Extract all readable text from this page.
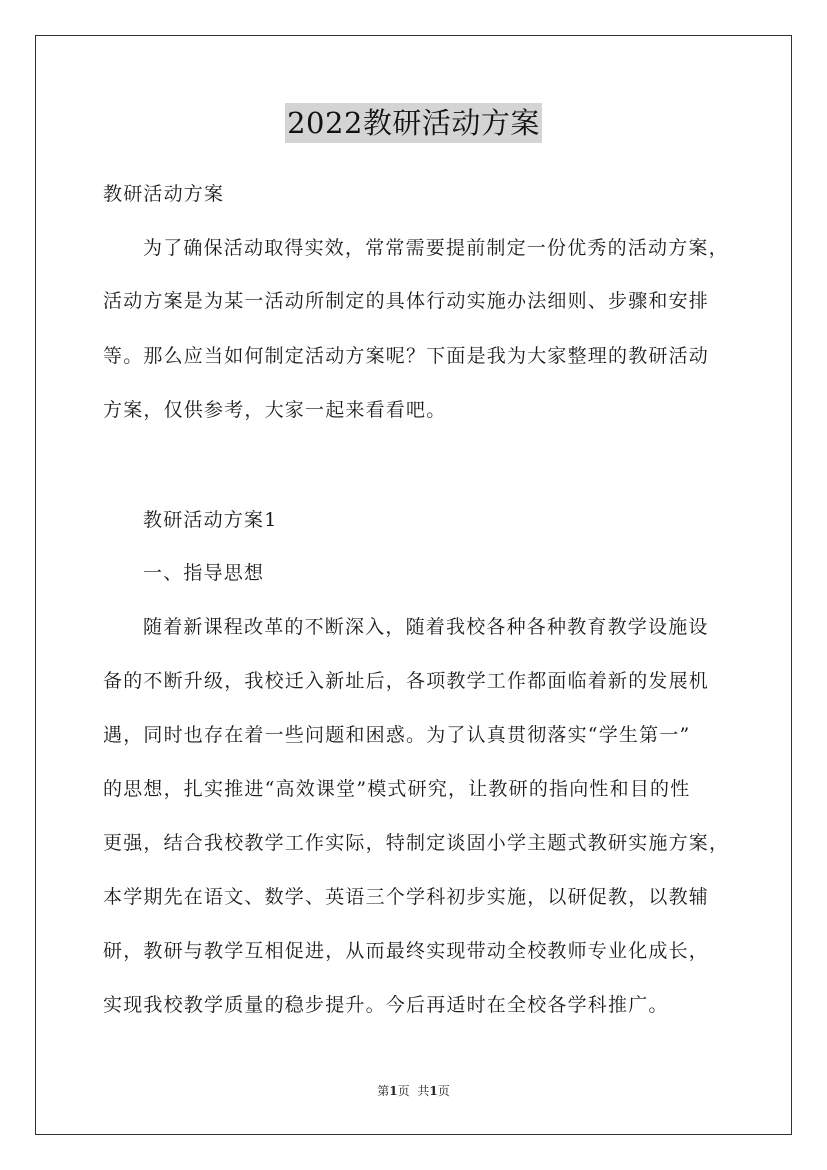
2022教研活动方案
教研活动方案
为了确保活动取得实效，常常需要提前制定一份优秀的活动方案，
活动方案是为某一活动所制定的具体行动实施办法细则、步骤和安排
等。那么应当如何制定活动方案呢？下面是我为大家整理的教研活动
方案，仅供参考，大家一起来看看吧。
教研活动方案1
一、指导思想
随着新课程改革的不断深入，随着我校各种各种教育教学设施设
备的不断升级，我校迁入新址后，各项教学工作都面临着新的发展机
遇，同时也存在着一些问题和困惑。为了认真贯彻落实“学生第一”
的思想，扎实推进“高效课堂”模式研究，让教研的指向性和目的性
更强，结合我校教学工作实际，特制定谈固小学主题式教研实施方案，
本学期先在语文、数学、英语三个学科初步实施，以研促教，以教辅
研，教研与教学互相促进，从而最终实现带动全校教师专业化成长，
实现我校教学质量的稳步提升。今后再适时在全校各学科推广。
第1页 共1页
